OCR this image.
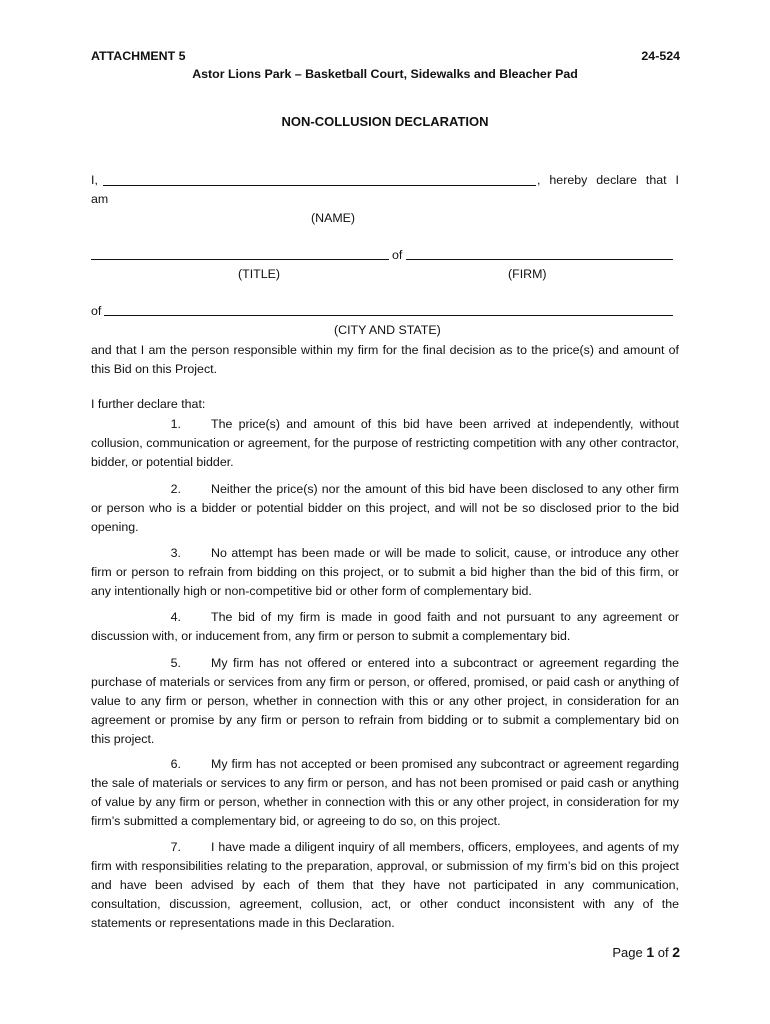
ATTACHMENT 5	24-524
Astor Lions Park – Basketball Court, Sidewalks and Bleacher Pad
NON-COLLUSION DECLARATION
I,	, hereby declare that I
am
(NAME)
of
(TITLE)	(FIRM)
of
(CITY AND STATE)

and that I am the person responsible within my firm for the final decision as to the price(s) and amount of this Bid on this Project.

I further declare that:

1. The price(s) and amount of this bid have been arrived at independently, without collusion, communication or agreement, for the purpose of restricting competition with any other contractor, bidder, or potential bidder.

2. Neither the price(s) nor the amount of this bid have been disclosed to any other firm or person who is a bidder or potential bidder on this project, and will not be so disclosed prior to the bid opening.

3. No attempt has been made or will be made to solicit, cause, or introduce any other firm or person to refrain from bidding on this project, or to submit a bid higher than the bid of this firm, or any intentionally high or non-competitive bid or other form of complementary bid.

4. The bid of my firm is made in good faith and not pursuant to any agreement or discussion with, or inducement from, any firm or person to submit a complementary bid.

5. My firm has not offered or entered into a subcontract or agreement regarding the purchase of materials or services from any firm or person, or offered, promised, or paid cash or anything of value to any firm or person, whether in connection with this or any other project, in consideration for an agreement or promise by any firm or person to refrain from bidding or to submit a complementary bid on this project.

6. My firm has not accepted or been promised any subcontract or agreement regarding the sale of materials or services to any firm or person, and has not been promised or paid cash or anything of value by any firm or person, whether in connection with this or any other project, in consideration for my firm’s submitted a complementary bid, or agreeing to do so, on this project.

7. I have made a diligent inquiry of all members, officers, employees, and agents of my firm with responsibilities relating to the preparation, approval, or submission of my firm’s bid on this project and have been advised by each of them that they have not participated in any communication, consultation, discussion, agreement, collusion, act, or other conduct inconsistent with any of the statements or representations made in this Declaration.

Page 1 of 2
